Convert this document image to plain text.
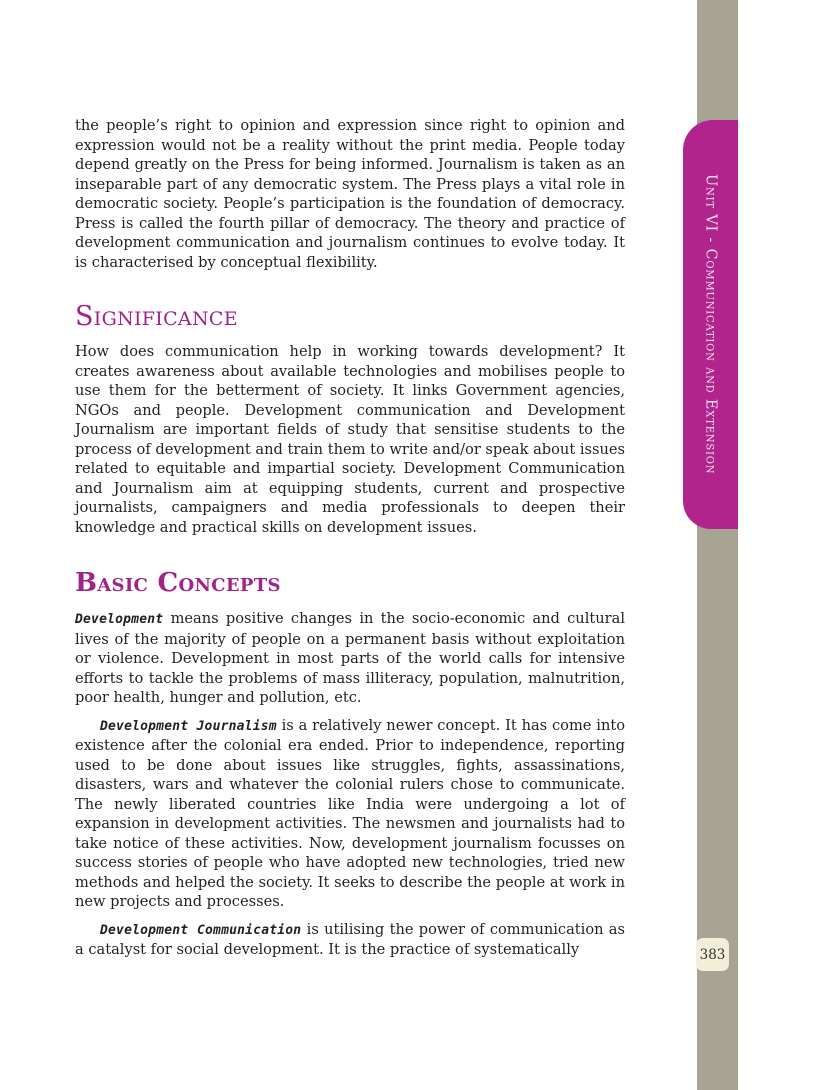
Unit VI - Communication and Extension

the people’s right to opinion and expression since right to opinion and expression would not be a reality without the print media. People today depend greatly on the Press for being informed. Journalism is taken as an inseparable part of any democratic system. The Press plays a vital role in democratic society. People’s participation is the foundation of democracy. Press is called the fourth pillar of democracy. The theory and practice of development communication and journalism continues to evolve today. It is characterised by conceptual flexibility.

Significance

How does communication help in working towards development? It creates awareness about available technologies and mobilises people to use them for the betterment of society. It links Government agencies, NGOs and people. Development communication and Development Journalism are important fields of study that sensitise students to the process of development and train them to write and/or speak about issues related to equitable and impartial society. Development Communication and Journalism aim at equipping students, current and prospective journalists, campaigners and media professionals to deepen their knowledge and practical skills on development issues.

Basic Concepts

Development means positive changes in the socio-economic and cultural lives of the majority of people on a permanent basis without exploitation or violence. Development in most parts of the world calls for intensive efforts to tackle the problems of mass illiteracy, population, malnutrition, poor health, hunger and pollution, etc.

Development Journalism is a relatively newer concept. It has come into existence after the colonial era ended. Prior to independence, reporting used to be done about issues like struggles, fights, assassinations, disasters, wars and whatever the colonial rulers chose to communicate. The newly liberated countries like India were undergoing a lot of expansion in development activities. The newsmen and journalists had to take notice of these activities. Now, development journalism focusses on success stories of people who have adopted new technologies, tried new methods and helped the society. It seeks to describe the people at work in new projects and processes.

Development Communication is utilising the power of communication as a catalyst for social development. It is the practice of systematically	383
